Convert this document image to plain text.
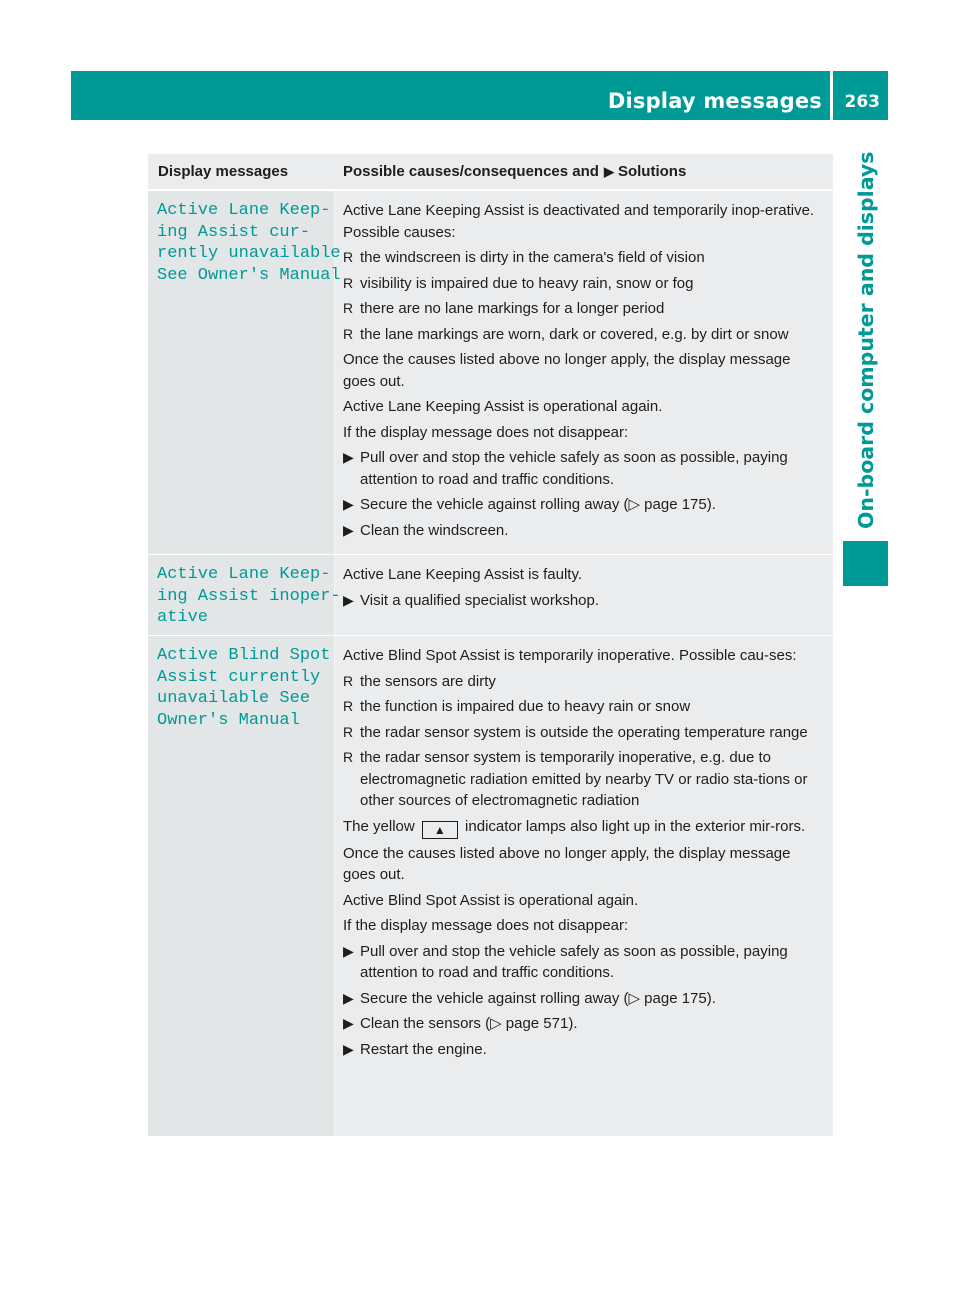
Display messages 263
On-board computer and displays
Display messages	Possible causes/consequences and ▶ Solutions
Active Lane Keep‐
ing Assist cur‐
rently unavailable
See Owner's Manual
Active Lane Keeping Assist is deactivated and temporarily inop-erative. Possible causes:
R the windscreen is dirty in the camera's field of vision
R visibility is impaired due to heavy rain, snow or fog
R there are no lane markings for a longer period
R the lane markings are worn, dark or covered, e.g. by dirt or snow
Once the causes listed above no longer apply, the display message goes out.
Active Lane Keeping Assist is operational again.
If the display message does not disappear:
▶ Pull over and stop the vehicle safely as soon as possible, paying attention to road and traffic conditions.
▶ Secure the vehicle against rolling away (▷ page 175).
▶ Clean the windscreen.
Active Lane Keep‐
ing Assist inoper‐
ative
Active Lane Keeping Assist is faulty.
▶ Visit a qualified specialist workshop.
Active Blind Spot
Assist currently
unavailable See
Owner's Manual
Active Blind Spot Assist is temporarily inoperative. Possible cau-ses:
R the sensors are dirty
R the function is impaired due to heavy rain or snow
R the radar sensor system is outside the operating temperature range
R the radar sensor system is temporarily inoperative, e.g. due to electromagnetic radiation emitted by nearby TV or radio sta-tions or other sources of electromagnetic radiation
The yellow ▲ indicator lamps also light up in the exterior mir-rors.
Once the causes listed above no longer apply, the display message goes out.
Active Blind Spot Assist is operational again.
If the display message does not disappear:
▶ Pull over and stop the vehicle safely as soon as possible, paying attention to road and traffic conditions.
▶ Secure the vehicle against rolling away (▷ page 175).
▶ Clean the sensors (▷ page 571).
▶ Restart the engine.
